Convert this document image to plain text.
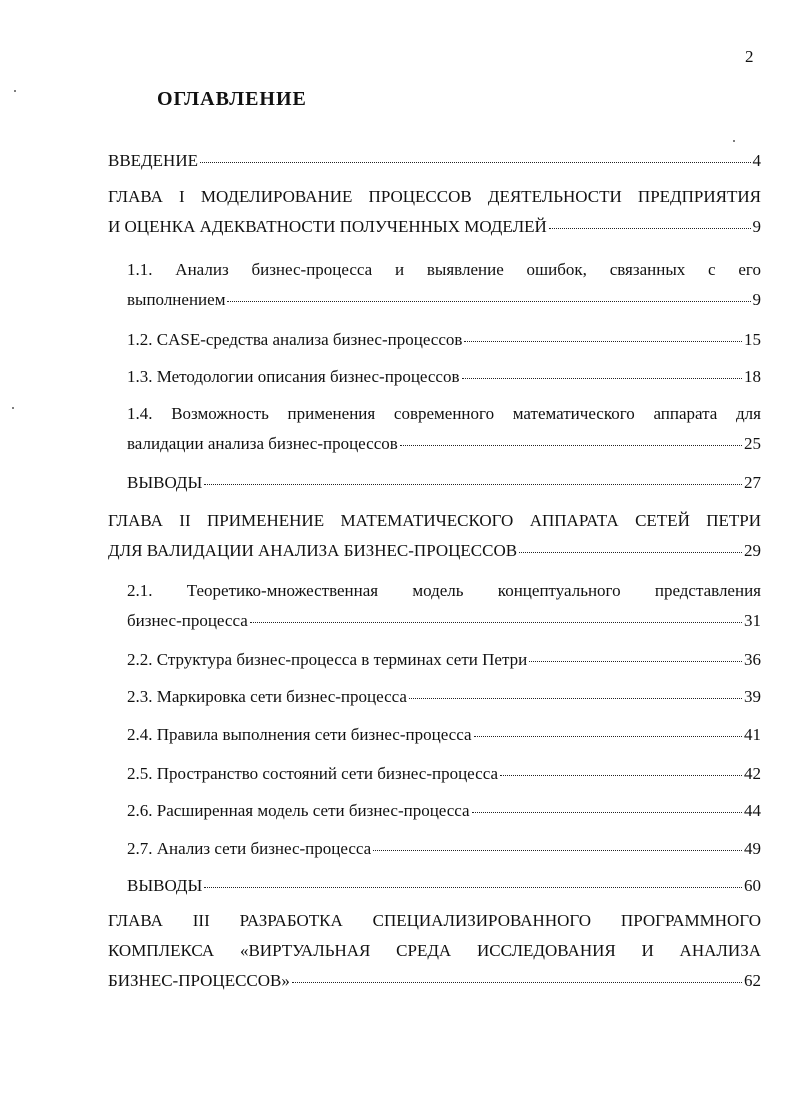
2
ОГЛАВЛЕНИЕ
ВВЕДЕНИЕ	4
ГЛАВА I МОДЕЛИРОВАНИЕ ПРОЦЕССОВ ДЕЯТЕЛЬНОСТИ ПРЕДПРИЯТИЯ
И ОЦЕНКА АДЕКВАТНОСТИ ПОЛУЧЕННЫХ МОДЕЛЕЙ	9
1.1. Анализ бизнес-процесса и выявление ошибок, связанных с его
выполнением	9
1.2. CASE-средства анализа бизнес-процессов	15
1.3. Методологии описания бизнес-процессов	18
1.4. Возможность применения современного математического аппарата для
валидации анализа бизнес-процессов	25
ВЫВОДЫ	27
ГЛАВА II ПРИМЕНЕНИЕ МАТЕМАТИЧЕСКОГО АППАРАТА СЕТЕЙ ПЕТРИ
ДЛЯ ВАЛИДАЦИИ АНАЛИЗА БИЗНЕС-ПРОЦЕССОВ	29
2.1. Теоретико-множественная модель концептуального представления
бизнес-процесса	31
2.2. Структура бизнес-процесса в терминах сети Петри	36
2.3. Маркировка сети бизнес-процесса	39
2.4. Правила выполнения сети бизнес-процесса	41
2.5. Пространство состояний сети бизнес-процесса	42
2.6. Расширенная модель сети бизнес-процесса	44
2.7. Анализ сети бизнес-процесса	49
ВЫВОДЫ	60
ГЛАВА III РАЗРАБОТКА СПЕЦИАЛИЗИРОВАННОГО ПРОГРАММНОГО
КОМПЛЕКСА «ВИРТУАЛЬНАЯ СРЕДА ИССЛЕДОВАНИЯ И АНАЛИЗА
БИЗНЕС-ПРОЦЕССОВ»	62
